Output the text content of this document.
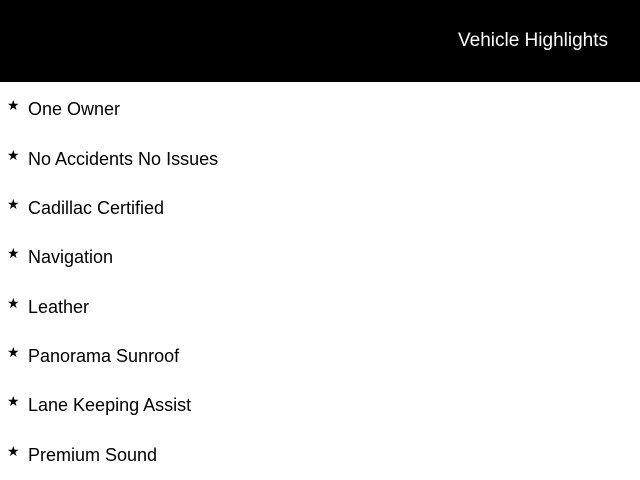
Vehicle Highlights
★ One Owner
★ No Accidents No Issues
★ Cadillac Certified
★ Navigation
★ Leather
★ Panorama Sunroof
★ Lane Keeping Assist
★ Premium Sound
